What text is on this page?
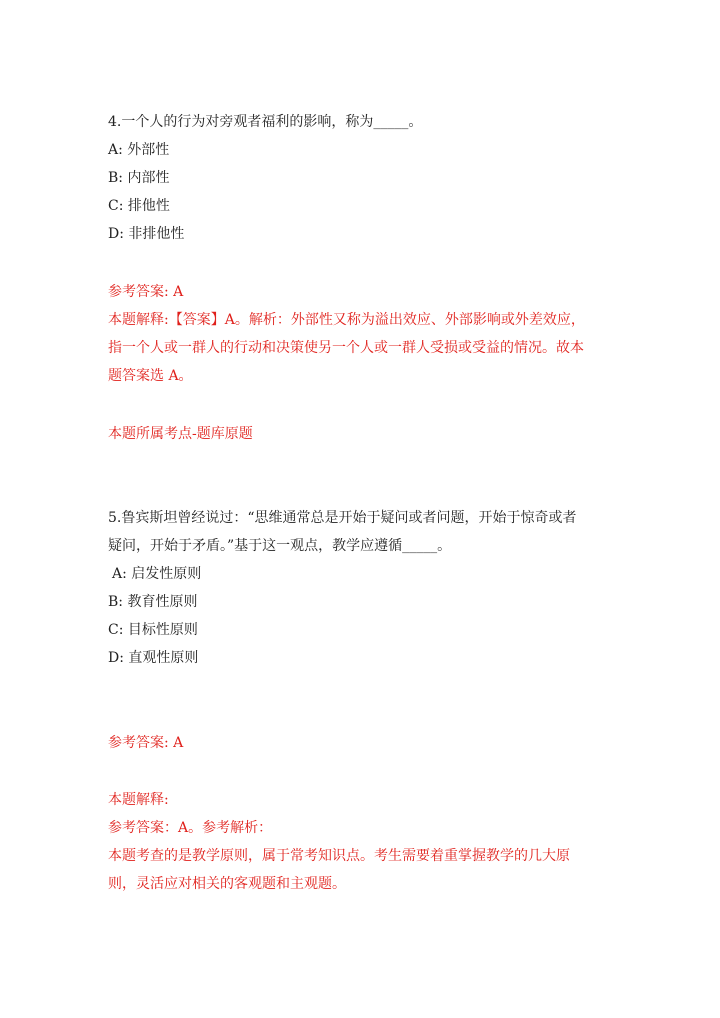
4.一个人的行为对旁观者福利的影响，称为_____。
A: 外部性
B: 内部性
C: 排他性
D: 非排他性
参考答案: A
本题解释:【答案】A。解析：外部性又称为溢出效应、外部影响或外差效应，
指一个人或一群人的行动和决策使另一个人或一群人受损或受益的情况。故本
题答案选 A。
本题所属考点-题库原题
5.鲁宾斯坦曾经说过：“思维通常总是开始于疑问或者问题，开始于惊奇或者
疑问，开始于矛盾。”基于这一观点，教学应遵循_____。
A: 启发性原则
B: 教育性原则
C: 目标性原则
D: 直观性原则
参考答案: A
本题解释:
参考答案：A。参考解析：
本题考查的是教学原则，属于常考知识点。考生需要着重掌握教学的几大原
则，灵活应对相关的客观题和主观题。
